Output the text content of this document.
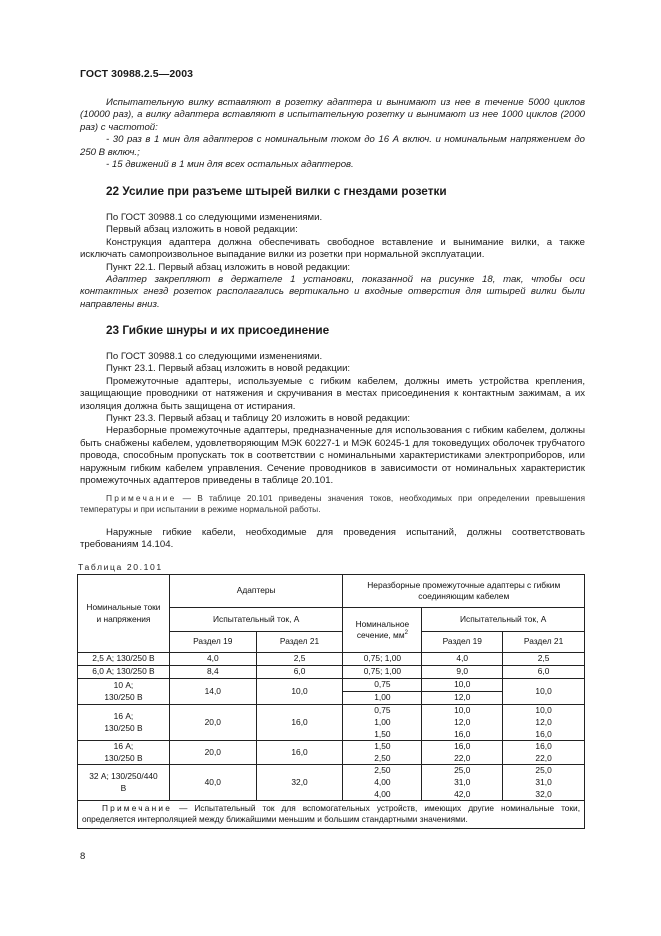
ГОСТ 30988.2.5—2003

Испытательную вилку вставляют в розетку адаптера и вынимают из нее в течение 5000 циклов (10000 раз), а вилку адаптера вставляют в испытательную розетку и вынимают из нее 1000 циклов (2000 раз) с частотой:

- 30 раз в 1 мин для адаптеров с номинальным током до 16 А включ. и номинальным напряжением до 250 В включ.;

- 15 движений в 1 мин для всех остальных адаптеров.

22 Усилие при разъеме штырей вилки с гнездами розетки

По ГОСТ 30988.1 со следующими изменениями.

Первый абзац изложить в новой редакции:

Конструкция адаптера должна обеспечивать свободное вставление и вынимание вилки, а также исключать самопроизвольное выпадание вилки из розетки при нормальной эксплуатации.

Пункт 22.1. Первый абзац изложить в новой редакции:

Адаптер закрепляют в держателе 1 установки, показанной на рисунке 18, так, чтобы оси контактных гнезд розеток располагались вертикально и входные отверстия для штырей вилки были направлены вниз.

23 Гибкие шнуры и их присоединение

По ГОСТ 30988.1 со следующими изменениями.

Пункт 23.1. Первый абзац изложить в новой редакции:

Промежуточные адаптеры, используемые с гибким кабелем, должны иметь устройства крепления, защищающие проводники от натяжения и скручивания в местах присоединения к контактным зажимам, а их изоляция должна быть защищена от истирания.

Пункт 23.3. Первый абзац и таблицу 20 изложить в новой редакции:

Неразборные промежуточные адаптеры, предназначенные для использования с гибким кабелем, должны быть снабжены кабелем, удовлетворяющим МЭК 60227-1 и МЭК 60245-1 для токоведущих оболочек трубчатого провода, способным пропускать ток в соответствии с номинальными характеристиками электроприборов, или наружным гибким кабелем управления. Сечение проводников в зависимости от номинальных характеристик промежуточных адаптеров приведены в таблице 20.101.

Примечание — В таблице 20.101 приведены значения токов, необходимых при определении превышения температуры и при испытании в режиме нормальной работы.

Наружные гибкие кабели, необходимые для проведения испытаний, должны соответствовать требованиям 14.104.

Таблица 20.101
Номинальные токи и напряжения	Адаптеры		Неразборные промежуточные адаптеры с гибким соединяющим кабелем		
	Испытательный ток, А		Номинальное сечение, $мм^2$	Испытательный ток, А	
	Раздел 19	Раздел 21		Раздел 19	Раздел 21
2,5 А; 130/250 В	4,0	2,5	0,75; 1,00	4,0	2,5
6,0 А; 130/250 В	8,4	6,0	0,75; 1,00	9,0	6,0
10 А; 130/250 В	14,0	10,0	0,75	10,0	10,0
			1,00	12,0	
16 А; 130/250 В	20,0	16,0	0,75	10,0	10,0
			1,00	12,0	12,0
			1,50	16,0	16,0
16 А; 130/250 В	20,0	16,0	1,50	16,0	16,0
			2,50	22,0	22,0
32 А; 130/250/440 В	40,0	32,0	2,50	25,0	25,0
			4,00	31,0	31,0
			4,00	42,0	32,0
Примечание — Испытательный ток для вспомогательных устройств, имеющих другие номинальные токи, определяется интерполяцией между ближайшими меньшим и большим стандартными значениями.					
8
